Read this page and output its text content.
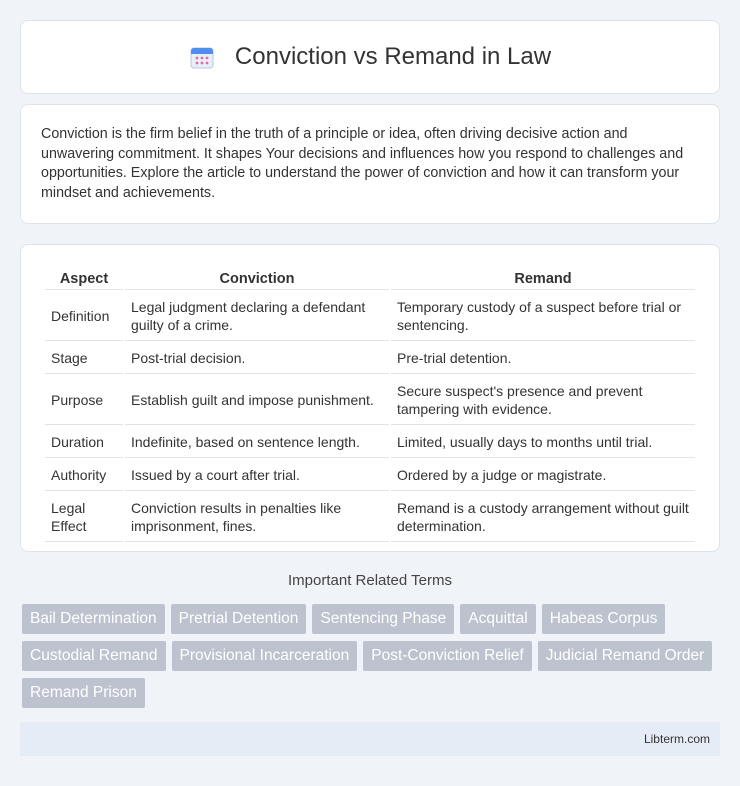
Conviction vs Remand in Law

Conviction is the firm belief in the truth of a principle or idea, often driving decisive action and unwavering commitment. It shapes Your decisions and influences how you respond to challenges and opportunities. Explore the article to understand the power of conviction and how it can transform your mindset and achievements.

Aspect	Conviction	Remand
Definition	Legal judgment declaring a defendant guilty of a crime.	Temporary custody of a suspect before trial or sentencing.
Stage	Post-trial decision.	Pre-trial detention.
Purpose	Establish guilt and impose punishment.	Secure suspect's presence and prevent tampering with evidence.
Duration	Indefinite, based on sentence length.	Limited, usually days to months until trial.
Authority	Issued by a court after trial.	Ordered by a judge or magistrate.
Legal Effect	Conviction results in penalties like imprisonment, fines.	Remand is a custody arrangement without guilt determination.
Important Related Terms
Bail Determination	Pretrial Detention	Sentencing Phase	Acquittal	Habeas Corpus
Custodial Remand	Provisional Incarceration	Post-Conviction Relief	Judicial Remand Order
Remand Prison
Libterm.com
